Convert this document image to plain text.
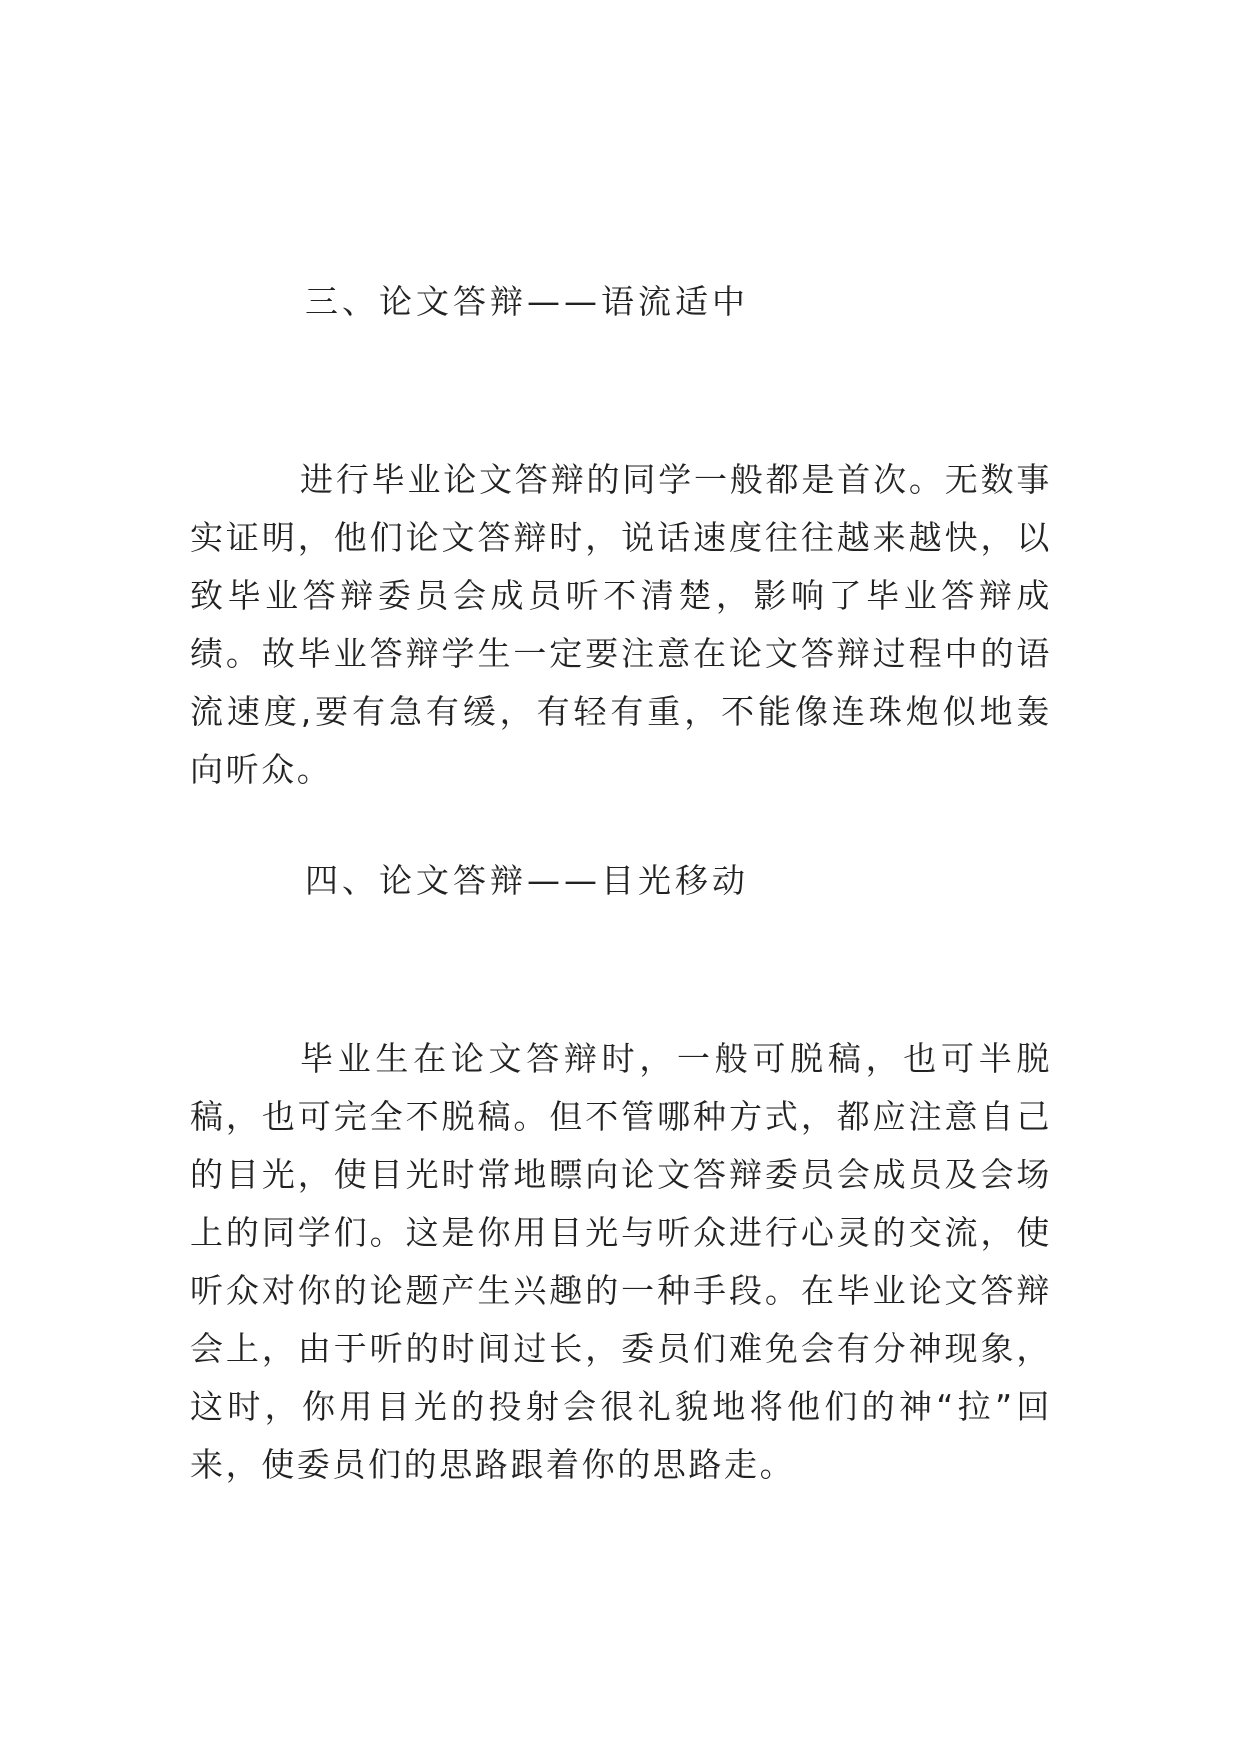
三、论文答辩——语流适中
进行毕业论文答辩的同学一般都是首次。无数事实证明，他们论文答辩时，说话速度往往越来越快，以致毕业答辩委员会成员听不清楚，影响了毕业答辩成绩。故毕业答辩学生一定要注意在论文答辩过程中的语流速度,要有急有缓，有轻有重，不能像连珠炮似地轰向听众。
四、论文答辩——目光移动
毕业生在论文答辩时，一般可脱稿，也可半脱稿，也可完全不脱稿。但不管哪种方式，都应注意自己的目光，使目光时常地瞟向论文答辩委员会成员及会场上的同学们。这是你用目光与听众进行心灵的交流，使听众对你的论题产生兴趣的一种手段。在毕业论文答辩会上，由于听的时间过长，委员们难免会有分神现象，这时，你用目光的投射会很礼貌地将他们的神“拉”回来，使委员们的思路跟着你的思路走。
